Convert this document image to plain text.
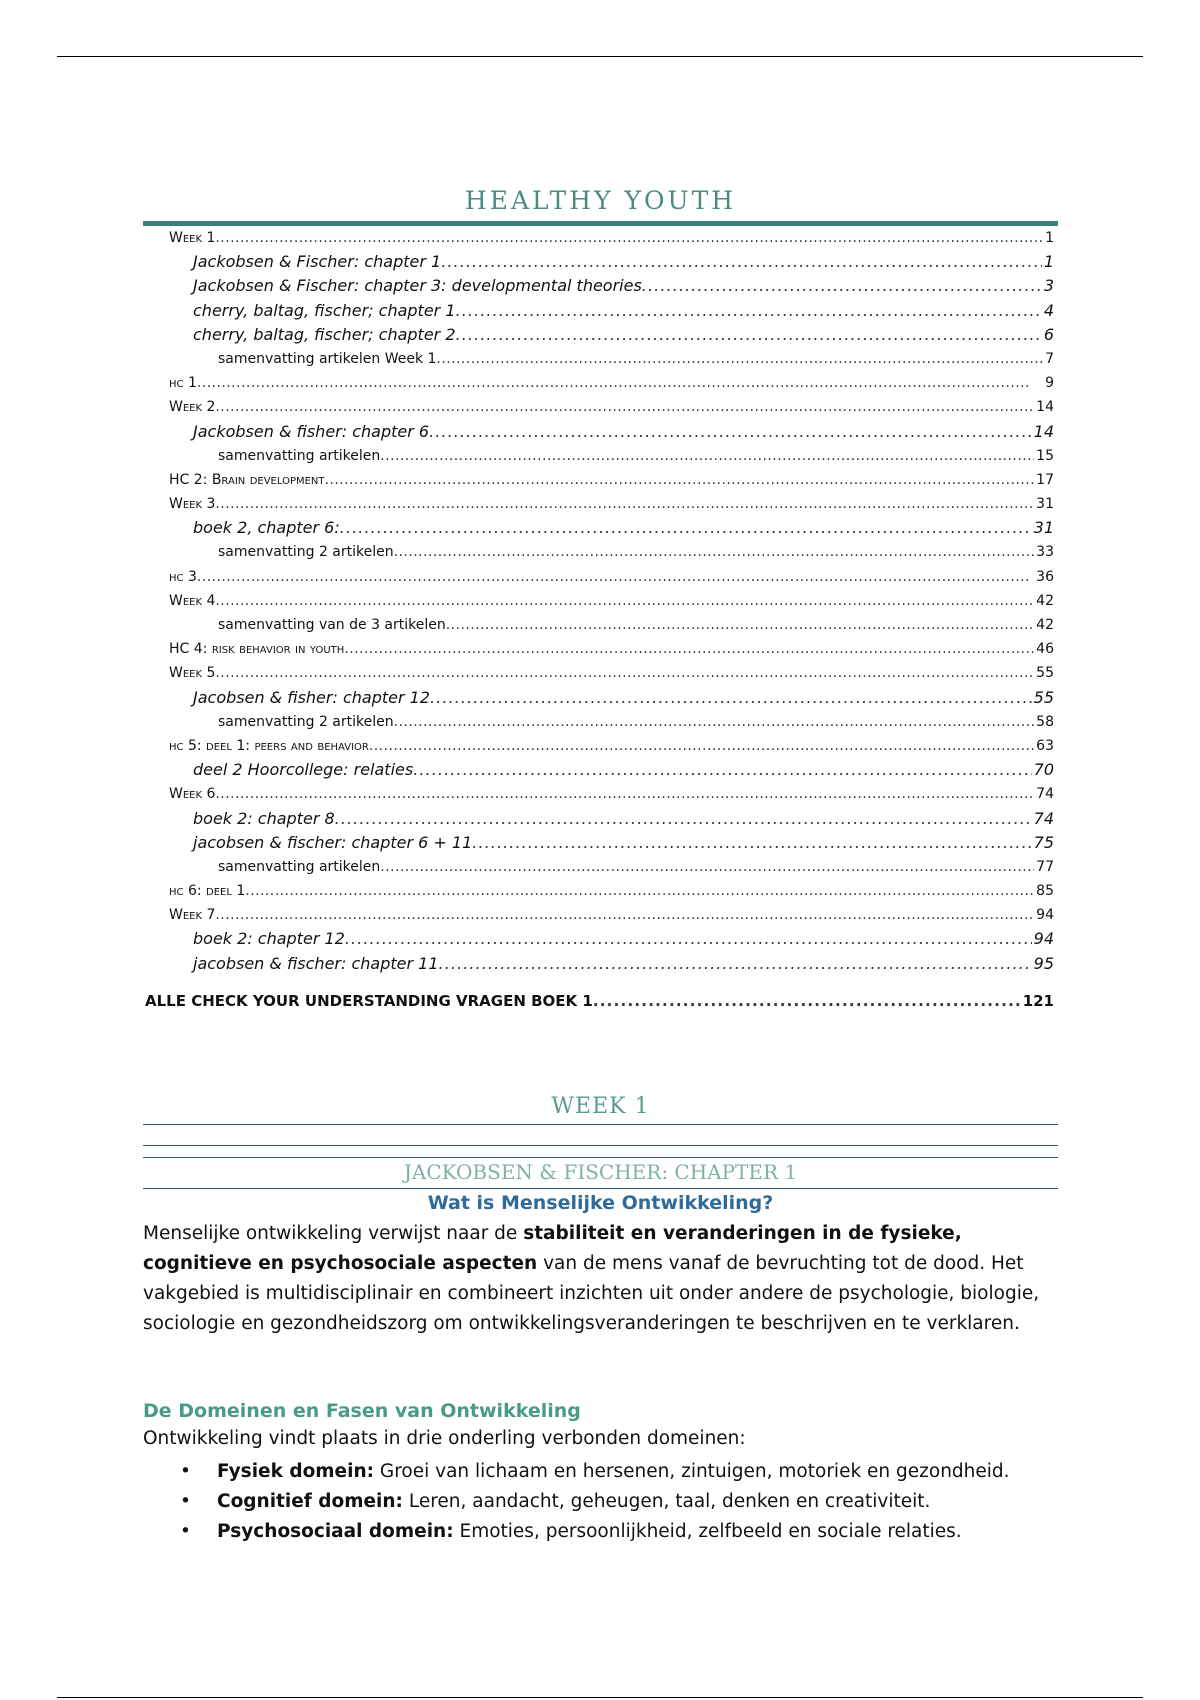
HEALTHY YOUTH
Week 1 . . .	1
Jackobsen & Fischer: chapter 1 . . .	1
Jackobsen & Fischer: chapter 3: developmental theories . . .	3
cherry, baltag, fischer; chapter 1 . . .	4
cherry, baltag, fischer; chapter 2 . . .	6
samenvatting artikelen Week 1 . . .	7
hc 1 . . .	9
Week 2 . . .	14
Jackobsen & fisher: chapter 6 . . .	14
samenvatting artikelen . . .	15
HC 2: Brain development . . .	17
Week 3 . . .	31
boek 2, chapter 6: . . .	31
samenvatting 2 artikelen . . .	33
hc 3 . . .	36
Week 4 . . .	42
samenvatting van de 3 artikelen . . .	42
HC 4: risk behavior in youth . . .	46
Week 5 . . .	55
Jacobsen & fisher: chapter 12 . . .	55
samenvatting 2 artikelen . . .	58
hc 5: deel 1: peers and behavior . . .	63
deel 2 Hoorcollege: relaties . . .	70
Week 6 . . .	74
boek 2: chapter 8 . . .	74
jacobsen & fischer: chapter 6 + 11 . . .	75
samenvatting artikelen . . .	77
hc 6: deel 1 . . .	85
Week 7 . . .	94
boek 2: chapter 12 . . .	94
jacobsen & fischer: chapter 11 . . .	95
ALLE CHECK YOUR UNDERSTANDING VRAGEN BOEK 1 . . .	121
WEEK 1
JACKOBSEN & FISCHER: CHAPTER 1
Wat is Menselijke Ontwikkeling?
Menselijke ontwikkeling verwijst naar de stabiliteit en veranderingen in de fysieke, cognitieve en psychosociale aspecten van de mens vanaf de bevruchting tot de dood. Het vakgebied is multidisciplinair en combineert inzichten uit onder andere de psychologie, biologie, sociologie en gezondheidszorg om ontwikkelingsveranderingen te beschrijven en te verklaren.
De Domeinen en Fasen van Ontwikkeling
Ontwikkeling vindt plaats in drie onderling verbonden domeinen:
• Fysiek domein: Groei van lichaam en hersenen, zintuigen, motoriek en gezondheid.
• Cognitief domein: Leren, aandacht, geheugen, taal, denken en creativiteit.
• Psychosociaal domein: Emoties, persoonlijkheid, zelfbeeld en sociale relaties.
